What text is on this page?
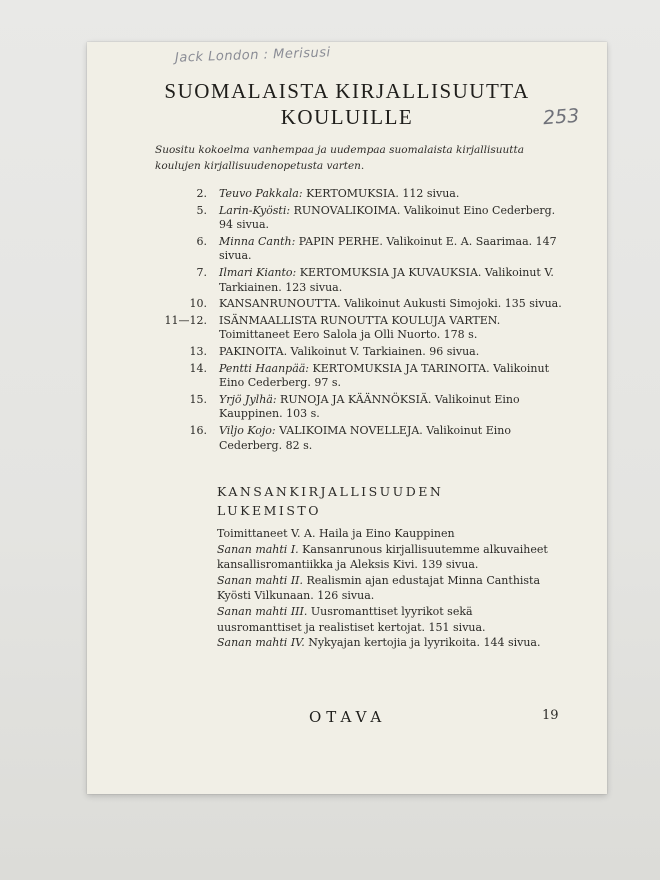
Jack London : Merisusi
253
SUOMALAISTA KIRJALLISUUTTA
KOULUILLE
Suositu kokoelma vanhempaa ja uudempaa suomalaista kirjallisuutta koulujen kirjallisuudenopetusta varten.
2.	Teuvo Pakkala: KERTOMUKSIA. 112 sivua.
5.	Larin-Kyösti: RUNOVALIKOIMA. Valikoinut Eino Cederberg. 94 sivua.
6.	Minna Canth: PAPIN PERHE. Valikoinut E. A. Saarimaa. 147 sivua.
7.	Ilmari Kianto: KERTOMUKSIA JA KUVAUKSIA. Valikoinut V. Tarkiainen. 123 sivua.
10.	KANSANRUNOUTTA. Valikoinut Aukusti Simojoki. 135 sivua.
11—12.	ISÄNMAALLISTA RUNOUTTA KOULUJA VARTEN. Toimittaneet Eero Salola ja Olli Nuorto. 178 s.
13.	PAKINOITA. Valikoinut V. Tarkiainen. 96 sivua.
14.	Pentti Haanpää: KERTOMUKSIA JA TARINOITA. Valikoinut Eino Cederberg. 97 s.
15.	Yrjö Jylhä: RUNOJA JA KÄÄNNÖKSIÄ. Valikoinut Eino Kauppinen. 103 s.
16.	Viljo Kojo: VALIKOIMA NOVELLEJA. Valikoinut Eino Cederberg. 82 s.
KANSANKIRJALLISUUDEN
LUKEMISTO
Toimittaneet V. A. Haila ja Eino Kauppinen
Sanan mahti I. Kansanrunous kirjallisuutemme alkuvaiheet kansallisromantiikka ja Aleksis Kivi. 139 sivua.
Sanan mahti II. Realismin ajan edustajat Minna Canthista Kyösti Vilkunaan. 126 sivua.
Sanan mahti III. Uusromanttiset lyyrikot sekä uusromanttiset ja realistiset kertojat. 151 sivua.
Sanan mahti IV. Nykyajan kertojia ja lyyrikoita. 144 sivua.
OTAVA	19
